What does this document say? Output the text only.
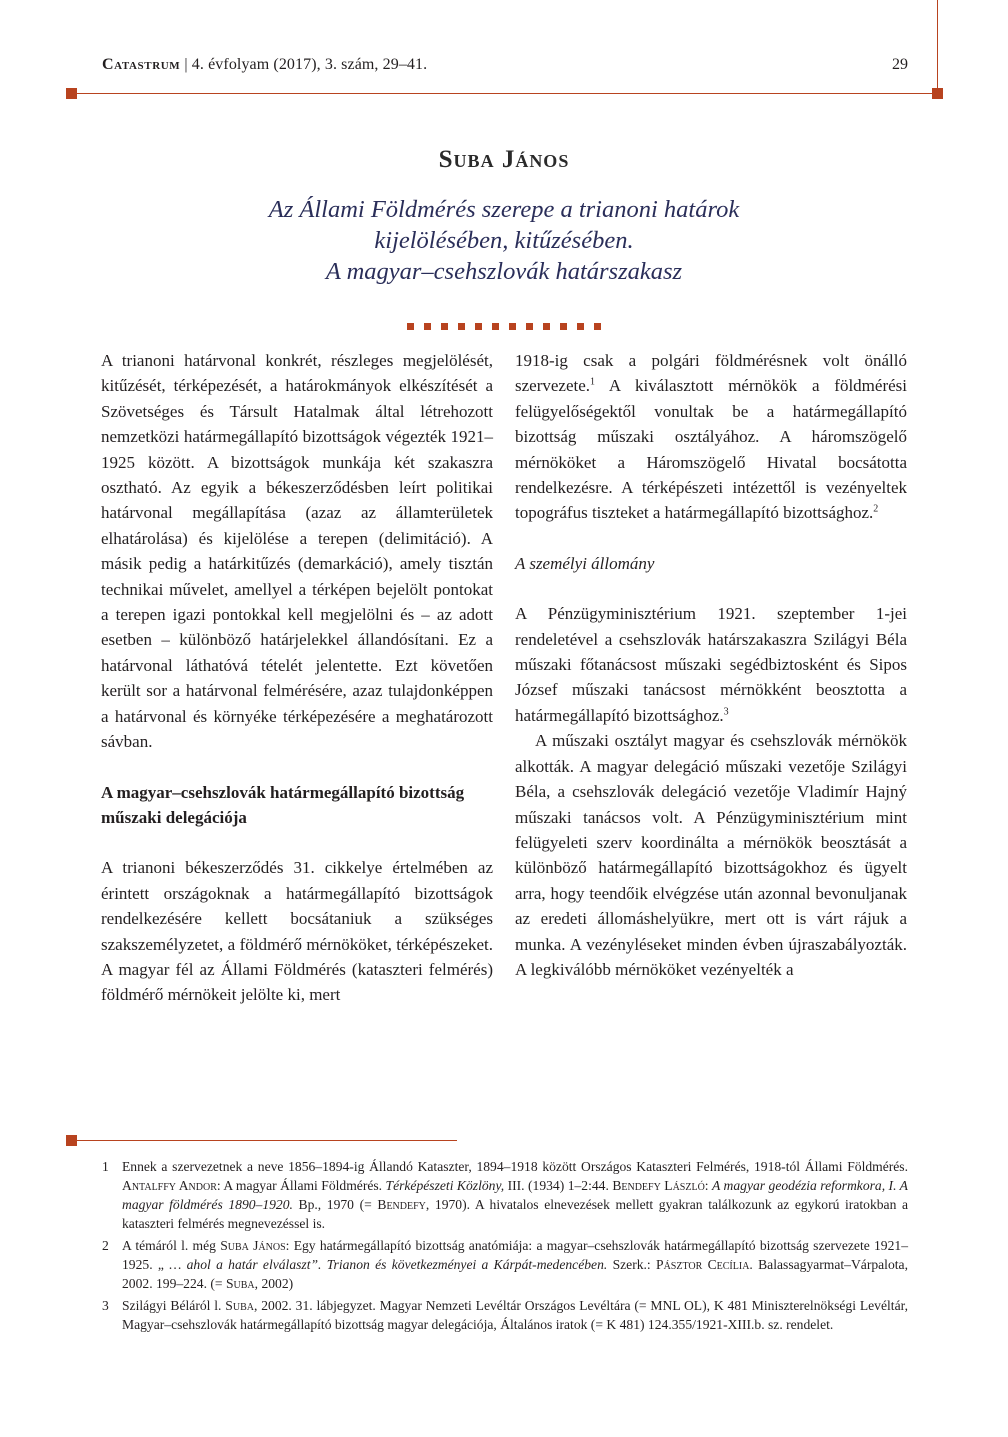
Catastrum | 4. évfolyam (2017), 3. szám, 29–41.	29
Suba János
Az Állami Földmérés szerepe a trianoni határok
kijelölésében, kitűzésében.
A magyar–csehszlovák határszakasz

A trianoni határvonal konkrét, részleges megjelölését, kitűzését, térképezését, a határokmányok elkészítését a Szövetséges és Társult Hatalmak által létrehozott nemzetközi határmegállapító bizottságok végezték 1921–1925 között. A bizottságok munkája két szakaszra osztható. Az egyik a békeszerződésben leírt politikai határvonal megállapítása (azaz az államterületek elhatárolása) és kijelölése a terepen (delimitáció). A másik pedig a határkitűzés (demarkáció), amely tisztán technikai művelet, amellyel a térképen bejelölt pontokat a terepen igazi pontokkal kell megjelölni és – az adott esetben – különböző határjelekkel állandósítani. Ez a határvonal láthatóvá tételét jelentette. Ezt követően került sor a határvonal felmérésére, azaz tulajdonképpen a határvonal és környéke térképezésére a meghatározott sávban.

A magyar–csehszlovák határmegállapító bizottság műszaki delegációja

A trianoni békeszerződés 31. cikkelye értelmében az érintett országoknak a határmegállapító bizottságok rendelkezésére kellett bocsátaniuk a szükséges szakszemélyzetet, a földmérő mérnököket, térképészeket. A magyar fél az Állami Földmérés (kataszteri felmérés) földmérő mérnökeit jelölte ki, mert

1918-ig csak a polgári földmérésnek volt önálló szervezete.$^1$ A kiválasztott mérnökök a földmérési felügyelőségektől vonultak be a határmegállapító bizottság műszaki osztályához. A háromszögelő mérnököket a Háromszögelő Hivatal bocsátotta rendelkezésre. A térképészeti intézettől is vezényeltek topográfus tiszteket a határmegállapító bizottsághoz.$^2$

A személyi állomány

A Pénzügyminisztérium 1921. szeptember 1-jei rendeletével a csehszlovák határszakaszra Szilágyi Béla műszaki főtanácsost műszaki segédbiztosként és Sipos József műszaki tanácsost mérnökként beosztotta a határmegállapító bizottsághoz.$^3$

A műszaki osztályt magyar és csehszlovák mérnökök alkották. A magyar delegáció műszaki vezetője Szilágyi Béla, a csehszlovák delegáció vezetője Vladimír Hajný műszaki tanácsos volt. A Pénzügyminisztérium mint felügyeleti szerv koordinálta a mérnökök beosztását a különböző határmegállapító bizottságokhoz és ügyelt arra, hogy teendőik elvégzése után azonnal bevonuljanak az eredeti állomáshelyükre, mert ott is várt rájuk a munka. A vezényléseket minden évben újraszabályozták. A legkiválóbb mérnököket vezényelték a

1 Ennek a szervezetnek a neve 1856–1894-ig Állandó Kataszter, 1894–1918 között Országos Kataszteri Felmérés, 1918-tól Állami Földmérés. Antalffy Andor: A magyar Állami Földmérés. Térképészeti Közlöny, III. (1934) 1–2:44. Bendefy László: A magyar geodézia reformkora, I. A magyar földmérés 1890–1920. Bp., 1970 (= Bendefy, 1970). A hivatalos elnevezések mellett gyakran találkozunk az egykorú iratokban a kataszteri felmérés megnevezéssel is.
2 A témáról l. még Suba János: Egy határmegállapító bizottság anatómiája: a magyar–csehszlovák határmegállapító bizottság szervezete 1921–1925. „ … ahol a határ elválaszt”. Trianon és következményei a Kárpát-medencében. Szerk.: Pásztor Cecília. Balassagyarmat–Várpalota, 2002. 199–224. (= Suba, 2002)
3 Szilágyi Béláról l. Suba, 2002. 31. lábjegyzet. Magyar Nemzeti Levéltár Országos Levéltára (= MNL OL), K 481 Miniszterelnökségi Levéltár, Magyar–csehszlovák határmegállapító bizottság magyar delegációja, Általános iratok (= K 481) 124.355/1921-XIII.b. sz. rendelet.
